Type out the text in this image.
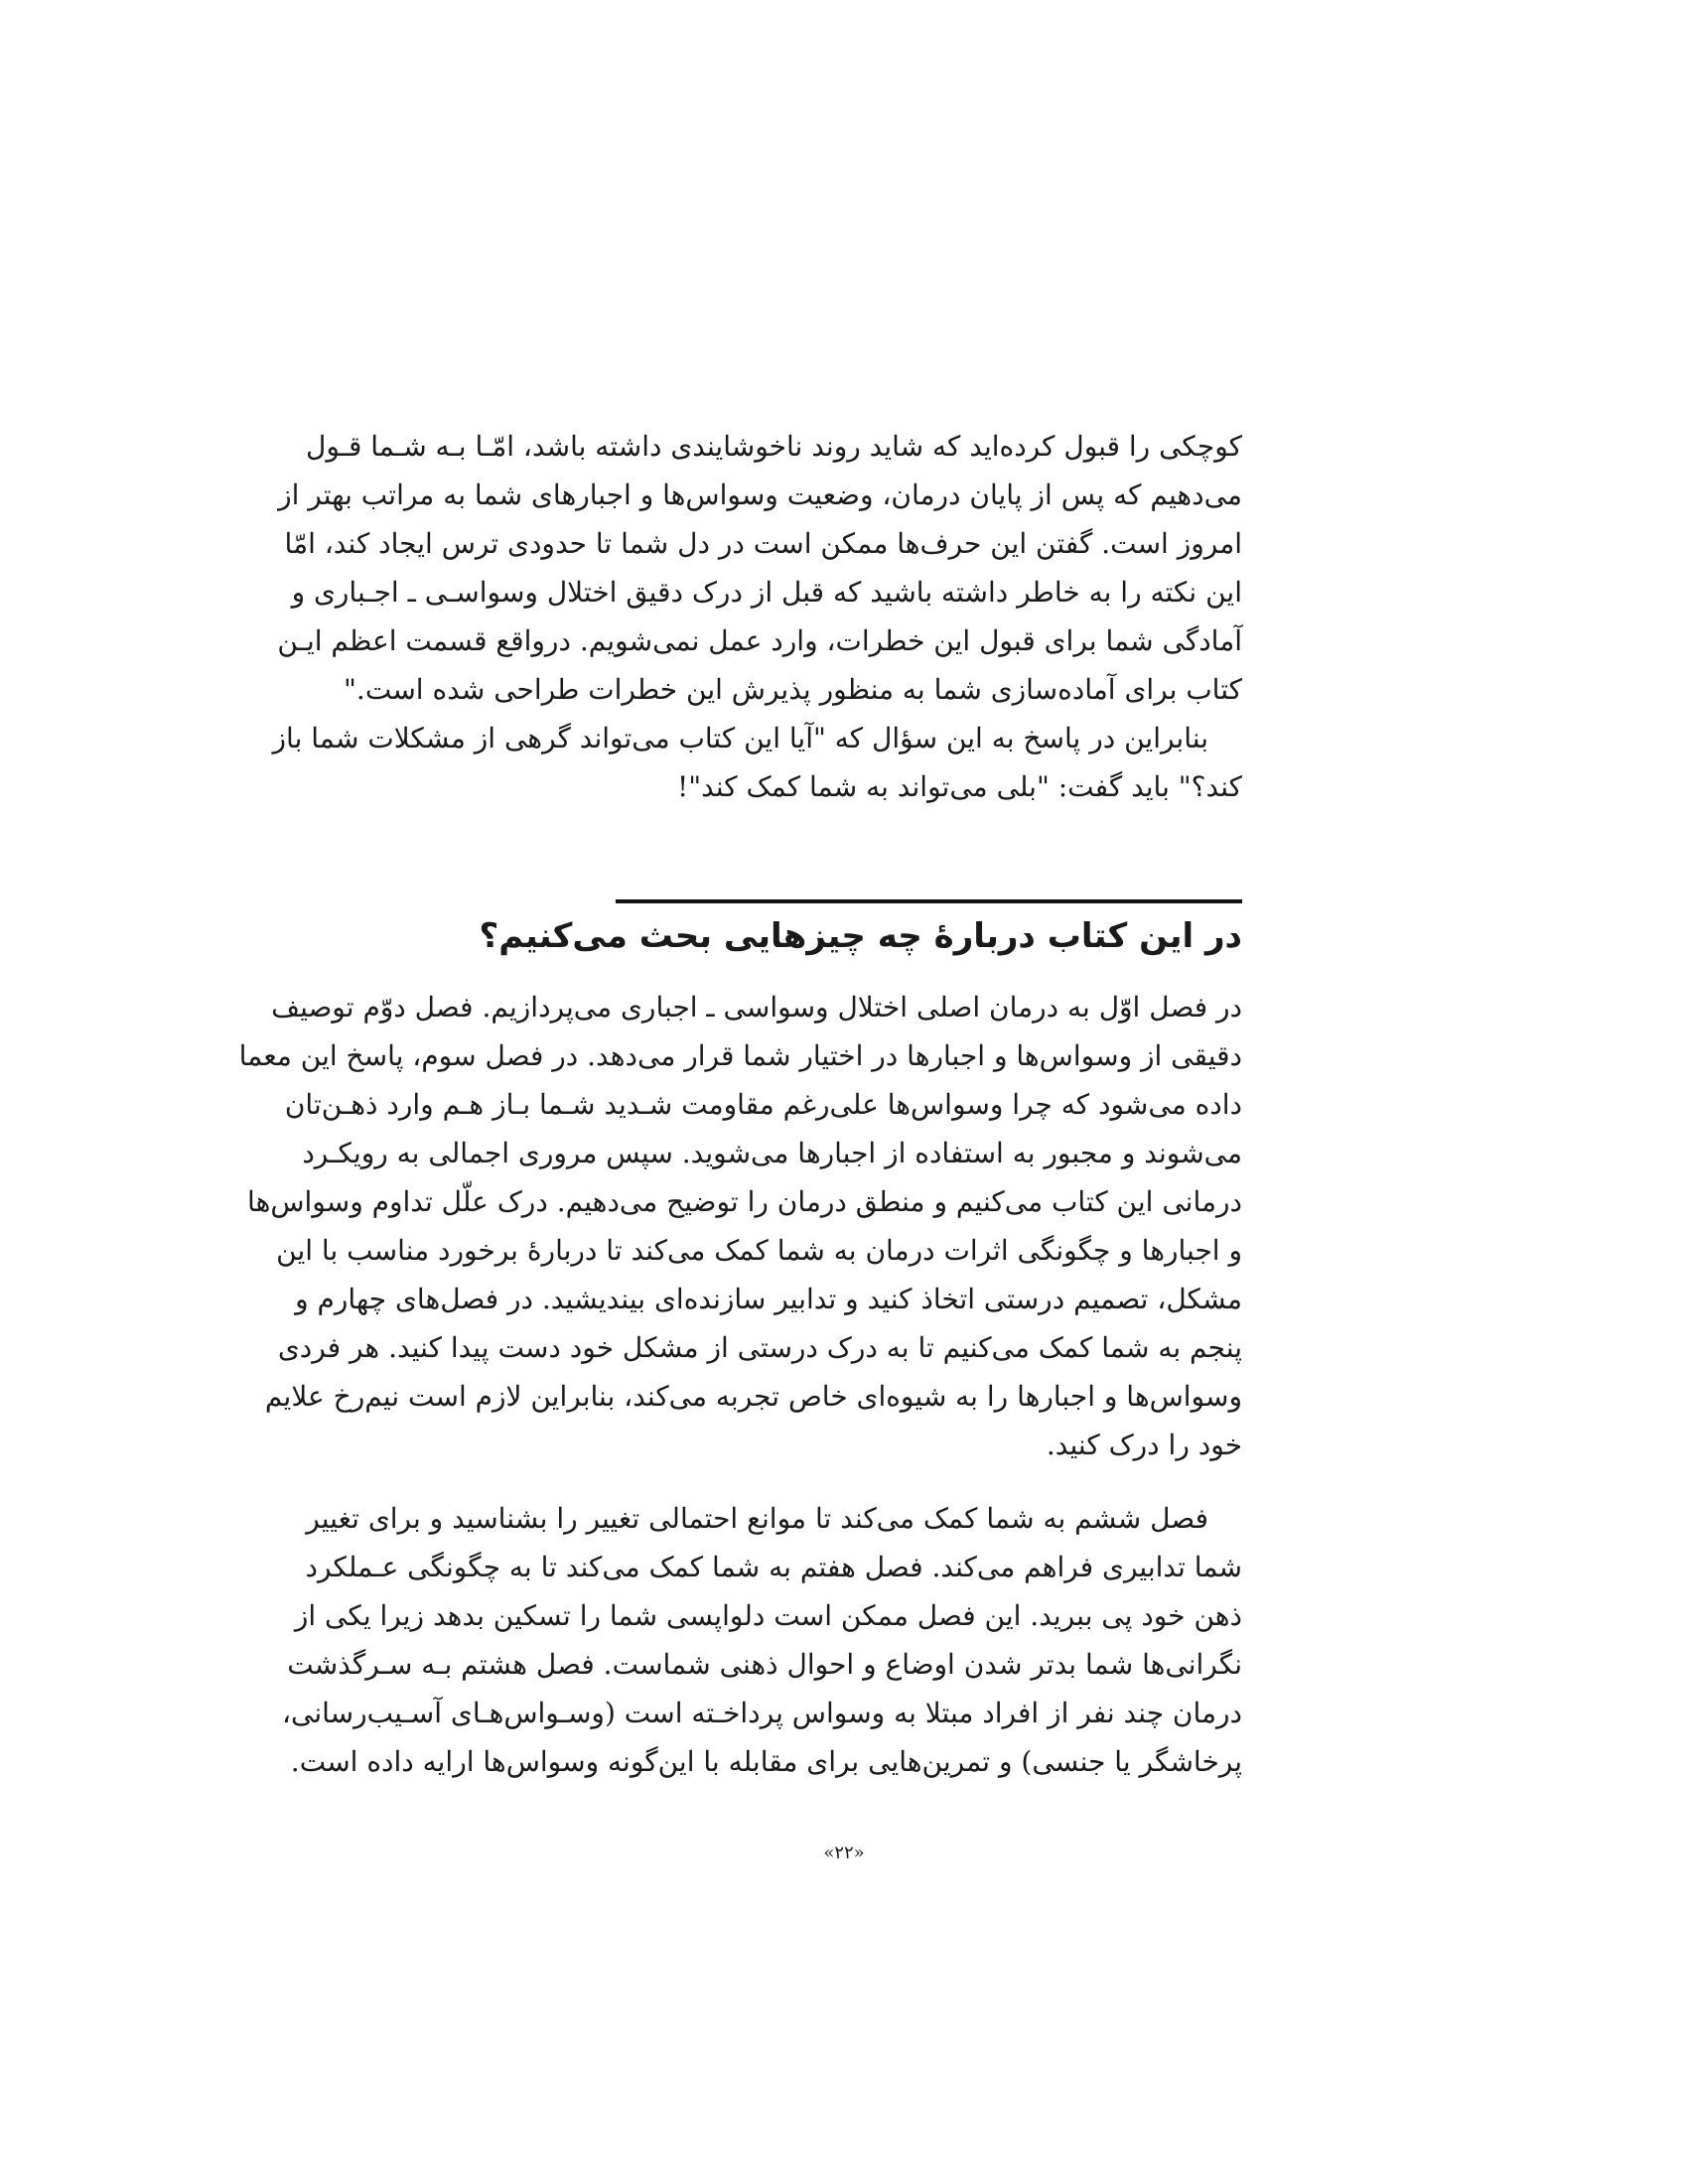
کوچکی را قبول کرده‌اید که شاید روند ناخوشایندی داشته باشد، امّـا بـه شـما قـول
می‌دهیم که پس از پایان درمان، وضعیت وسواس‌ها و اجبارهای شما به مراتب بهتر از
امروز است. گفتن این حرف‌ها ممکن است در دل شما تا حدودی ترس ایجاد کند، امّا
این نکته را به خاطر داشته باشید که قبل از درک دقیق اختلال وسواسـی ـ اجـباری و
آمادگی شما برای قبول این خطرات، وارد عمل نمی‌شویم. درواقع قسمت اعظم ایـن
کتاب برای آماده‌سازی شما به منظور پذیرش این خطرات طراحی شده است."
بنابراین در پاسخ به این سؤال که "آیا این کتاب می‌تواند گرهی از مشکلات شما باز
کند؟" باید گفت: "بلی می‌تواند به شما کمک کند"!
در این کتاب دربارهٔ چه چیزهایی بحث می‌کنیم؟
در فصل اوّل به درمان اصلی اختلال وسواسی ـ اجباری می‌پردازیم. فصل دوّم توصیف
دقیقی از وسواس‌ها و اجبارها در اختیار شما قرار می‌دهد. در فصل سوم، پاسخ این معما
داده می‌شود که چرا وسواس‌ها علی‌رغم مقاومت شـدید شـما بـاز هـم وارد ذهـن‌تان
می‌شوند و مجبور به استفاده از اجبارها می‌شوید. سپس مروری اجمالی به رویکـرد
درمانی این کتاب می‌کنیم و منطق درمان را توضیح می‌دهیم. درک علّل تداوم وسواس‌ها
و اجبارها و چگونگی اثرات درمان به شما کمک می‌کند تا دربارهٔ برخورد مناسب با این
مشکل، تصمیم درستی اتخاذ کنید و تدابیر سازنده‌ای بیندیشید. در فصل‌های چهارم و
پنجم به شما کمک می‌کنیم تا به درک درستی از مشکل خود دست پیدا کنید. هر فردی
وسواس‌ها و اجبارها را به شیوه‌ای خاص تجربه می‌کند، بنابراین لازم است نیم‌رخ علایم
خود را درک کنید.
فصل ششم به شما کمک می‌کند تا موانع احتمالی تغییر را بشناسید و برای تغییر
شما تدابیری فراهم می‌کند. فصل هفتم به شما کمک می‌کند تا به چگونگی عـملکرد
ذهن خود پی ببرید. این فصل ممکن است دلواپسی شما را تسکین بدهد زیرا یکی از
نگرانی‌ها شما بدتر شدن اوضاع و احوال ذهنی شماست. فصل هشتم بـه سـرگذشت
درمان چند نفر از افراد مبتلا به وسواس پرداخـته است (وسـواس‌هـای آسـیب‌رسانی،
پرخاشگر یا جنسی) و تمرین‌هایی برای مقابله با این‌گونه وسواس‌ها ارایه داده است.
«۲۲»
